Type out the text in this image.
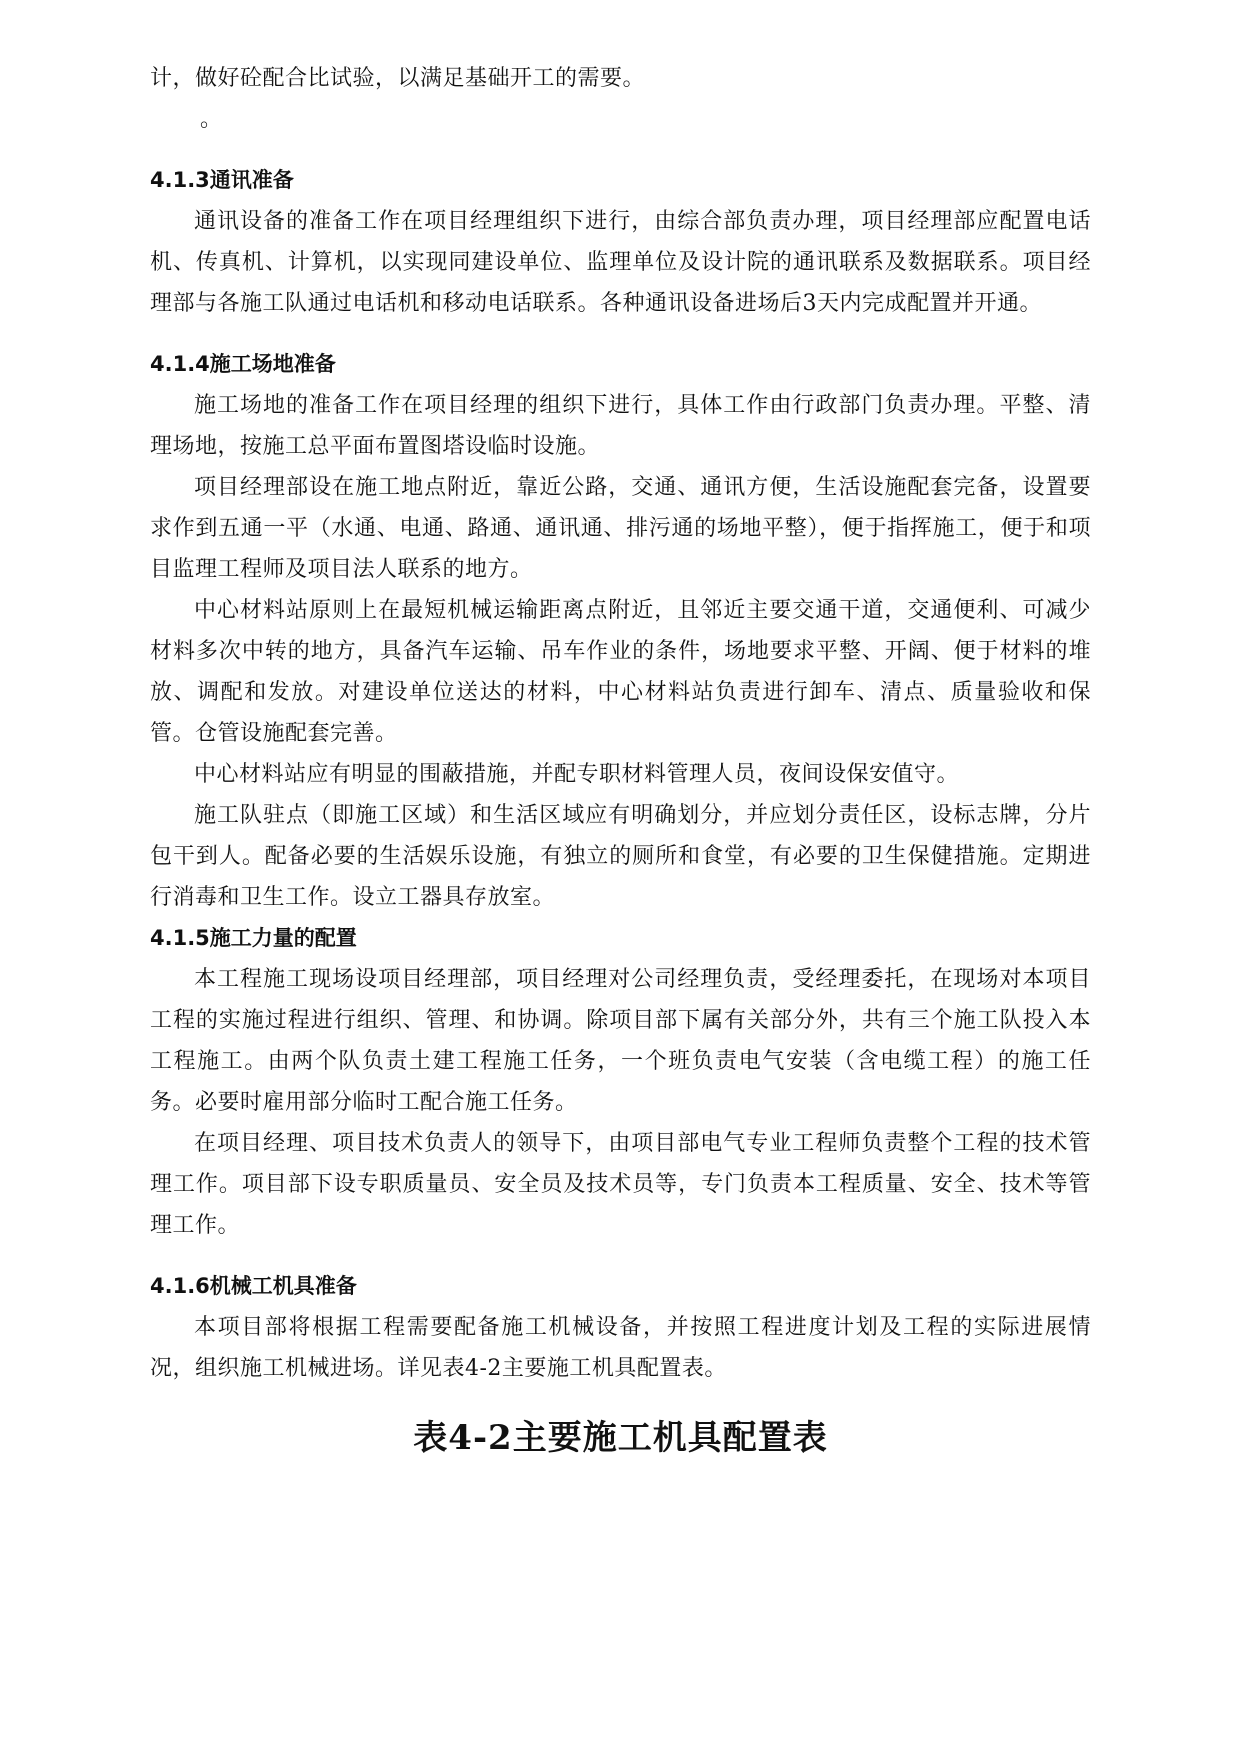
计，做好砼配合比试验，以满足基础开工的需要。

。

4.1.3通讯准备

通讯设备的准备工作在项目经理组织下进行，由综合部负责办理，项目经理部应配置电话机、传真机、计算机，以实现同建设单位、监理单位及设计院的通讯联系及数据联系。项目经理部与各施工队通过电话机和移动电话联系。各种通讯设备进场后3天内完成配置并开通。

4.1.4施工场地准备

施工场地的准备工作在项目经理的组织下进行，具体工作由行政部门负责办理。平整、清理场地，按施工总平面布置图塔设临时设施。

项目经理部设在施工地点附近，靠近公路，交通、通讯方便，生活设施配套完备，设置要求作到五通一平（水通、电通、路通、通讯通、排污通的场地平整），便于指挥施工，便于和项目监理工程师及项目法人联系的地方。

中心材料站原则上在最短机械运输距离点附近，且邻近主要交通干道，交通便利、可减少材料多次中转的地方，具备汽车运输、吊车作业的条件，场地要求平整、开阔、便于材料的堆放、调配和发放。对建设单位送达的材料，中心材料站负责进行卸车、清点、质量验收和保管。仓管设施配套完善。

中心材料站应有明显的围蔽措施，并配专职材料管理人员，夜间设保安值守。

施工队驻点（即施工区域）和生活区域应有明确划分，并应划分责任区，设标志牌，分片包干到人。配备必要的生活娱乐设施，有独立的厕所和食堂，有必要的卫生保健措施。定期进行消毒和卫生工作。设立工器具存放室。

4.1.5施工力量的配置

本工程施工现场设项目经理部，项目经理对公司经理负责，受经理委托，在现场对本项目工程的实施过程进行组织、管理、和协调。除项目部下属有关部分外，共有三个施工队投入本工程施工。由两个队负责土建工程施工任务，一个班负责电气安装（含电缆工程）的施工任务。必要时雇用部分临时工配合施工任务。

在项目经理、项目技术负责人的领导下，由项目部电气专业工程师负责整个工程的技术管理工作。项目部下设专职质量员、安全员及技术员等，专门负责本工程质量、安全、技术等管理工作。

4.1.6机械工机具准备

本项目部将根据工程需要配备施工机械设备，并按照工程进度计划及工程的实际进展情况，组织施工机械进场。详见表4-2主要施工机具配置表。

表4-2主要施工机具配置表
